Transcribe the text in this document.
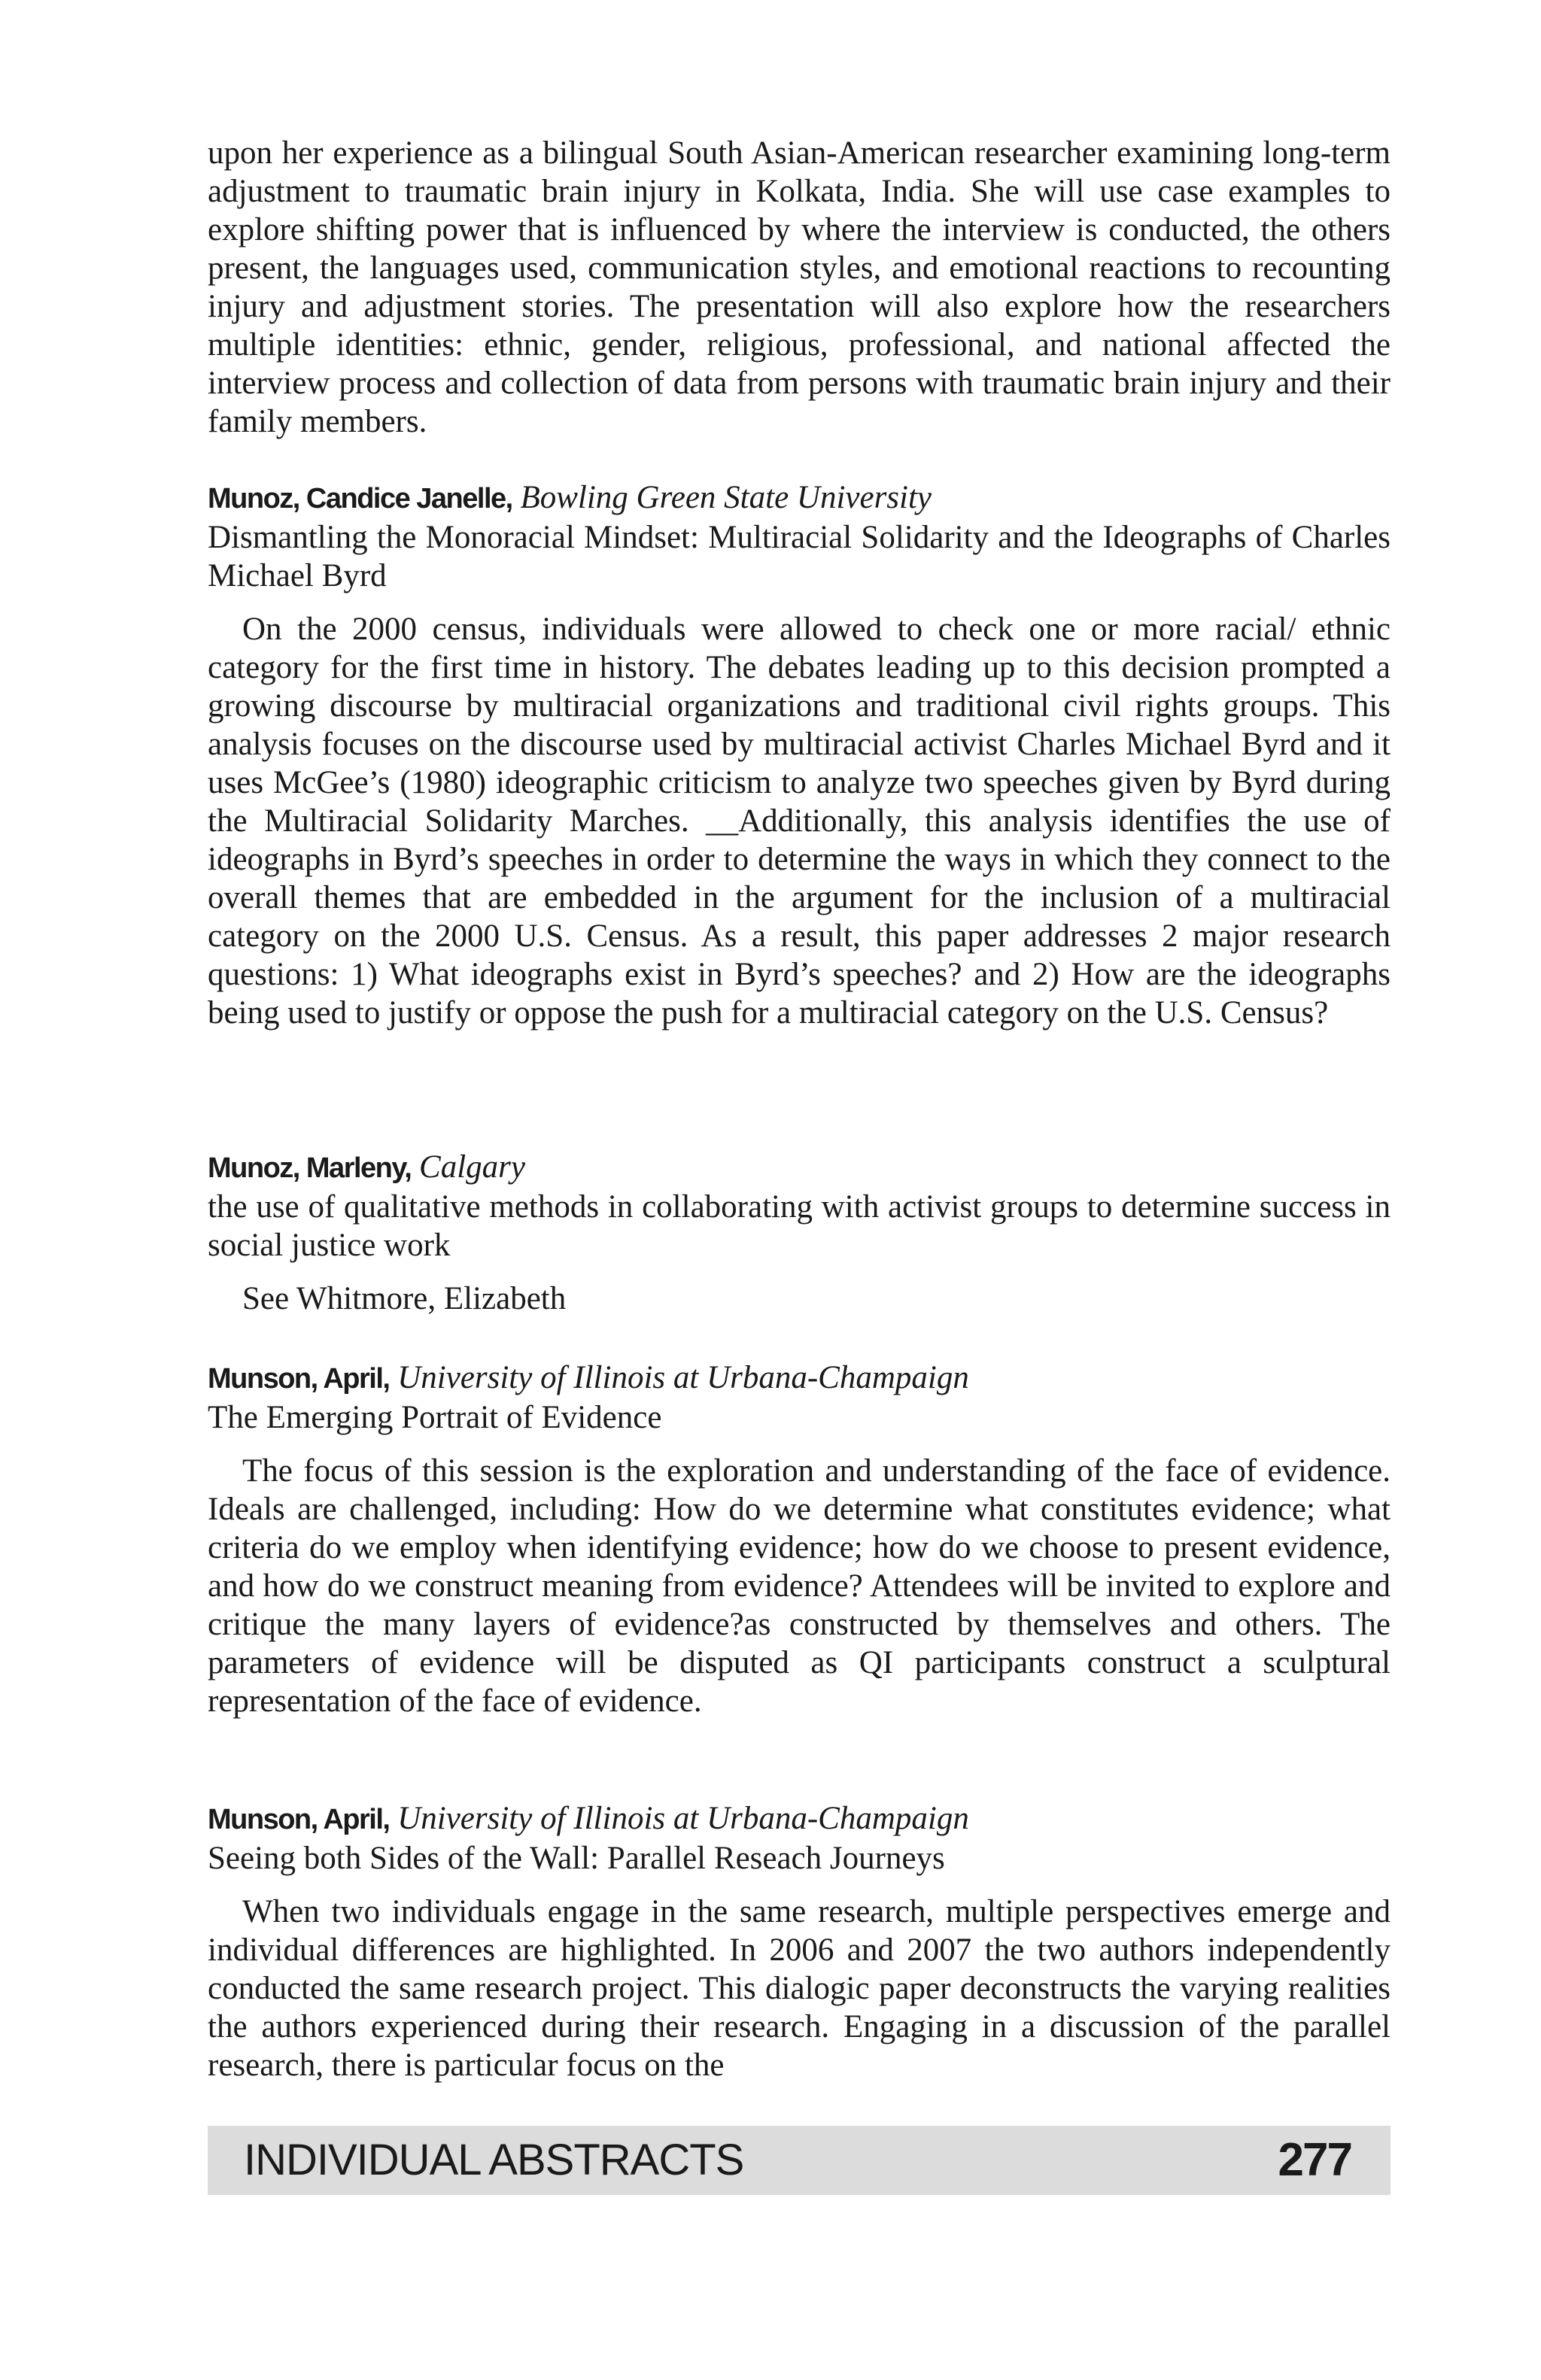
upon her experience as a bilingual South Asian-American researcher examining long-term adjustment to traumatic brain injury in Kolkata, India. She will use case examples to explore shifting power that is influenced by where the interview is conducted, the others present, the languages used, communication styles, and emotional reactions to recounting injury and adjustment stories. The presentation will also explore how the researchers multiple identities: ethnic, gender, religious, professional, and national affected the interview process and collection of data from persons with traumatic brain injury and their family members.

Munoz, Candice Janelle, Bowling Green State University

Dismantling the Monoracial Mindset: Multiracial Solidarity and the Ideographs of Charles Michael Byrd

On the 2000 census, individuals were allowed to check one or more racial/ ethnic category for the first time in history. The debates leading up to this decision prompted a growing discourse by multiracial organizations and traditional civil rights groups. This analysis focuses on the discourse used by multiracial activist Charles Michael Byrd and it uses McGee’s (1980) ideographic criticism to analyze two speeches given by Byrd during the Multiracial Solidarity Marches. __Additionally, this analysis identifies the use of ideographs in Byrd’s speeches in order to determine the ways in which they connect to the overall themes that are embedded in the argument for the inclusion of a multiracial category on the 2000 U.S. Census. As a result, this paper addresses 2 major research questions: 1) What ideographs exist in Byrd’s speeches? and 2) How are the ideographs being used to justify or oppose the push for a multiracial category on the U.S. Census?

Munoz, Marleny, Calgary

the use of qualitative methods in collaborating with activist groups to determine success in social justice work

See Whitmore, Elizabeth

Munson, April, University of Illinois at Urbana-Champaign

The Emerging Portrait of Evidence

The focus of this session is the exploration and understanding of the face of evidence. Ideals are challenged, including: How do we determine what constitutes evidence; what criteria do we employ when identifying evidence; how do we choose to present evidence, and how do we construct meaning from evidence? Attendees will be invited to explore and critique the many layers of evidence?as constructed by themselves and others. The parameters of evidence will be disputed as QI participants construct a sculptural representation of the face of evidence.

Munson, April, University of Illinois at Urbana-Champaign

Seeing both Sides of the Wall: Parallel Reseach Journeys

When two individuals engage in the same research, multiple perspectives emerge and individual differences are highlighted. In 2006 and 2007 the two authors independently conducted the same research project. This dialogic paper deconstructs the varying realities the authors experienced during their research. Engaging in a discussion of the parallel research, there is particular focus on the

INDIVIDUAL ABSTRACTS	277
